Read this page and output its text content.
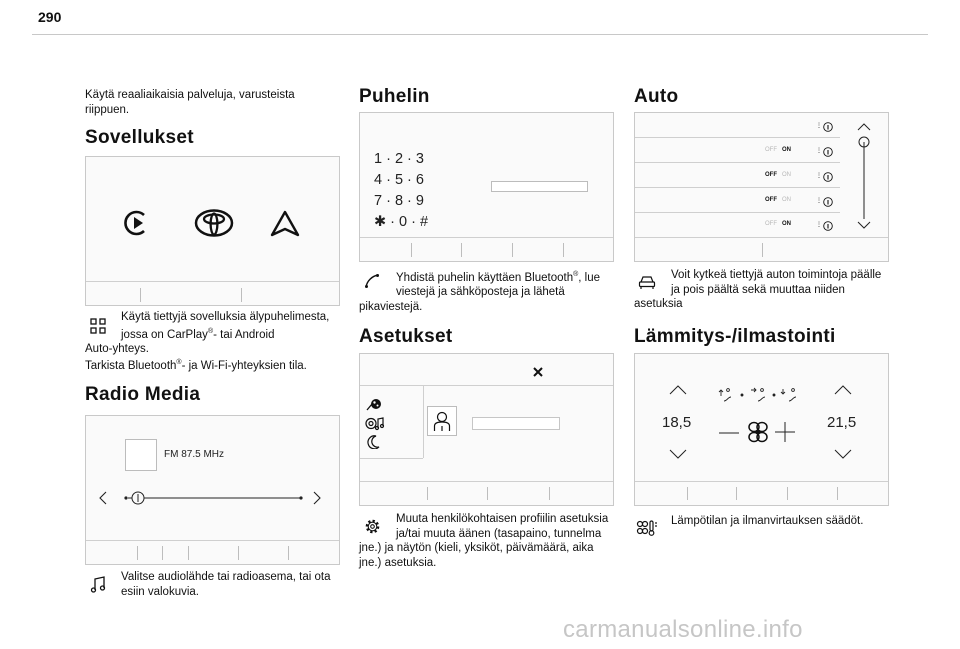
290
Käytä reaaliaikaisia palveluja, varusteista riippuen.
Sovellukset
Käytä tiettyjä sovelluksia älypuhelimesta,
jossa on CarPlay®- tai Android
Auto-yhteys.
Tarkista Bluetooth®- ja Wi-Fi-yhteyksien tila.
Radio Media
FM 87.5 MHz
Valitse audiolähde tai radioasema, tai ota esiin valokuvia.
Puhelin
1 · 2 · 3
4 · 5 · 6
7 · 8 · 9
✱ · 0 · #
Yhdistä puhelin käyttäen Bluetooth®, lue
viestejä ja sähköposteja ja lähetä
pikaviestejä.
Asetukset
Muuta henkilökohtaisen profiilin asetuksia
ja/tai muuta äänen (tasapaino, tunnelma
jne.) ja näytön (kieli, yksiköt, päivämäärä, aika
jne.) asetuksia.
Auto
⋮
OFF ON	⋮
OFF ON	⋮
OFF ON	⋮
OFF ON	⋮
Voit kytkeä tiettyjä auton toimintoja päälle
ja pois päältä sekä muuttaa niiden
asetuksia
Lämmitys-/ilmastointi
18,5	21,5
Lämpötilan ja ilmanvirtauksen säädöt.
carmanualsonline.info
